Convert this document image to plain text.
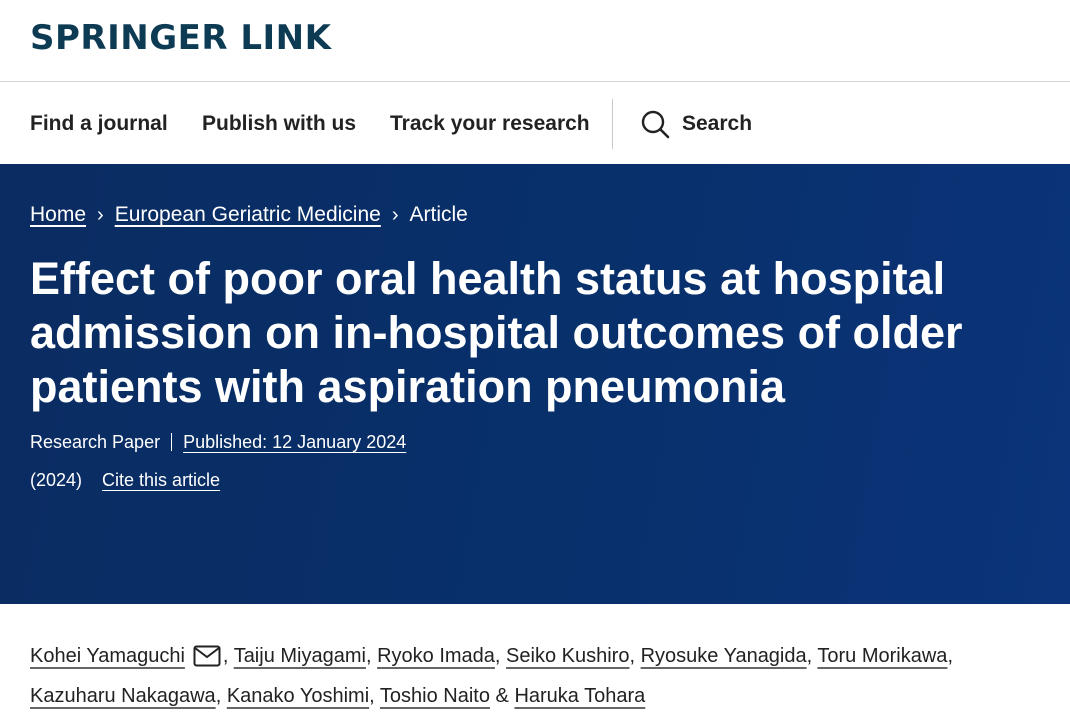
SPRINGER LINK
Find a journal Publish with us Track your research	Search
Home › European Geriatric Medicine › Article
Effect of poor oral health status at hospital admission on in-hospital outcomes of older patients with aspiration pneumonia
Research Paper Published: 12 January 2024
(2024) Cite this article
Kohei Yamaguchi , Taiju Miyagami, Ryoko Imada, Seiko Kushiro, Ryosuke Yanagida, Toru Morikawa,
Kazuharu Nakagawa, Kanako Yoshimi, Toshio Naito & Haruka Tohara
